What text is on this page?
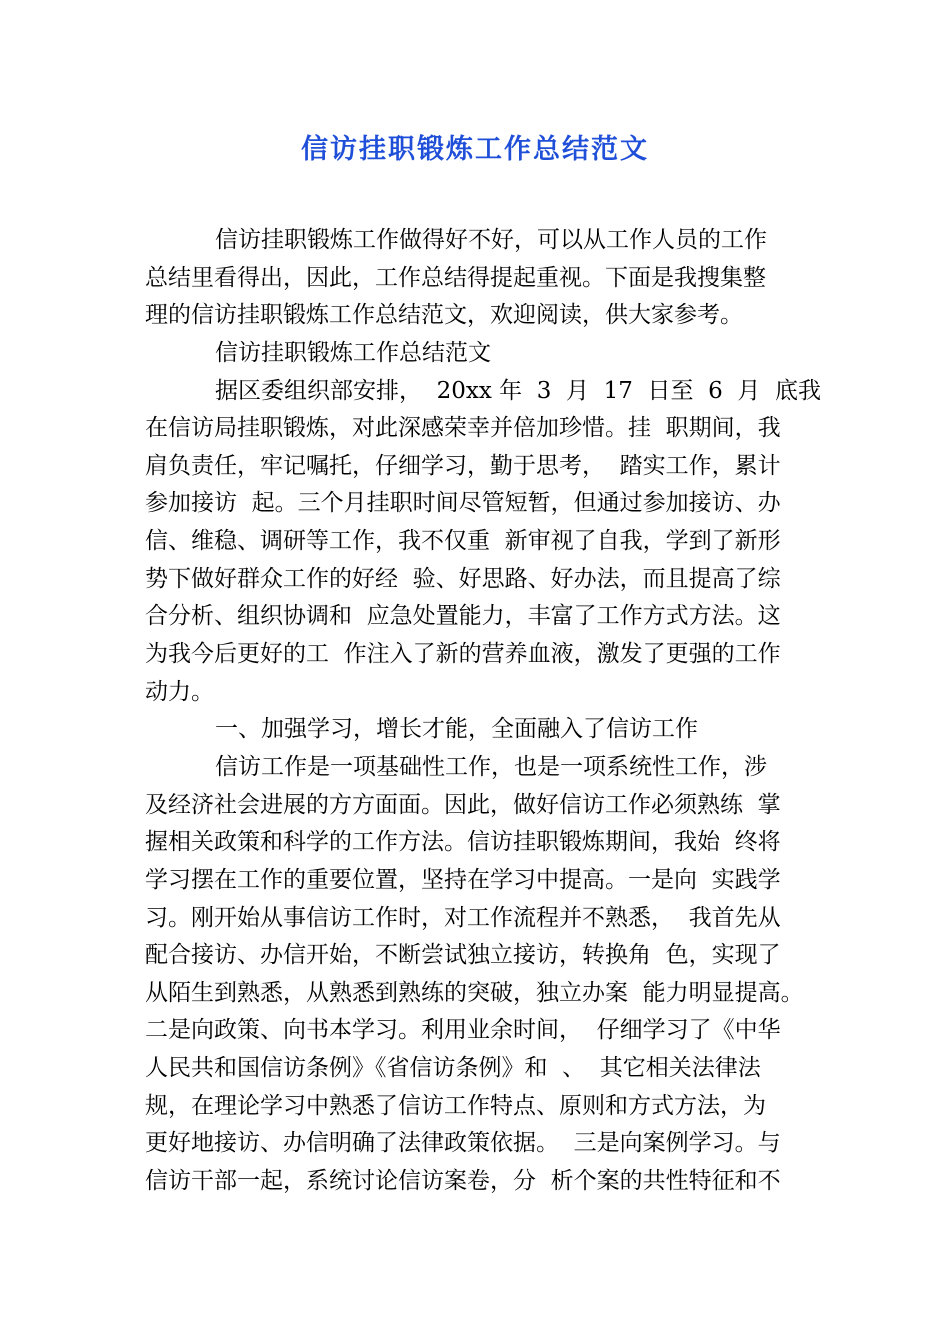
信访挂职锻炼工作总结范文
信访挂职锻炼工作做得好不好，可以从工作人员的工作
总结里看得出，因此，工作总结得提起重视。下面是我搜集整
理的信访挂职锻炼工作总结范文，欢迎阅读，供大家参考。
信访挂职锻炼工作总结范文
据区委组织部安排，  20xx 年  3  月  17  日至  6  月  底我
在信访局挂职锻炼，对此深感荣幸并倍加珍惜。挂  职期间，我
肩负责任，牢记嘱托，仔细学习，勤于思考，  踏实工作，累计
参加接访  起。三个月挂职时间尽管短暂，但通过参加接访、办
信、维稳、调研等工作，我不仅重  新审视了自我，学到了新形
势下做好群众工作的好经  验、好思路、好办法，而且提高了综
合分析、组织协调和  应急处置能力，丰富了工作方式方法。这
为我今后更好的工  作注入了新的营养血液，激发了更强的工作
动力。
一、加强学习，增长才能，全面融入了信访工作
信访工作是一项基础性工作，也是一项系统性工作，涉
及经济社会进展的方方面面。因此，做好信访工作必须熟练  掌
握相关政策和科学的工作方法。信访挂职锻炼期间，我始  终将
学习摆在工作的重要位置，坚持在学习中提高。一是向  实践学
习。刚开始从事信访工作时，对工作流程并不熟悉，  我首先从
配合接访、办信开始，不断尝试独立接访，转换角  色，实现了
从陌生到熟悉，从熟悉到熟练的突破，独立办案  能力明显提高。
二是向政策、向书本学习。利用业余时间，  仔细学习了《中华
人民共和国信访条例》《省信访条例》和  、  其它相关法律法
规，在理论学习中熟悉了信访工作特点、原则和方式方法，为
更好地接访、办信明确了法律政策依据。  三是向案例学习。与
信访干部一起，系统讨论信访案卷，分  析个案的共性特征和不
